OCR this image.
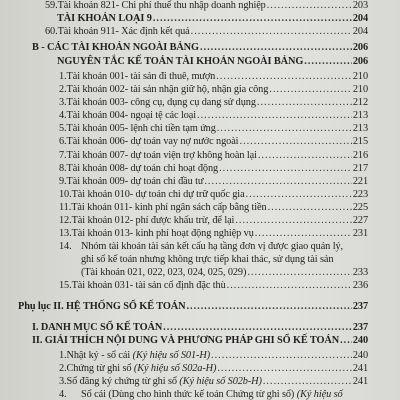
59. Tài khoản 821- Chi phí thuế thu nhập doanh nghiệp .....	203
TÀI KHOẢN LOẠI 9 .....	204
60. Tài khoản 911- Xác định kết quả .....	204
B - CÁC TÀI KHOẢN NGOÀI BẢNG .....	206
NGUYÊN TẮC KẾ TOÁN TÀI KHOẢN NGOÀI BẢNG .....	206
1. Tài khoản 001- tài sản đi thuê, mượn .....	210
2. Tài khoản 002- tài sản nhận giữ hộ, nhận gia công .....	210
3. Tài khoản 003- công cụ, dụng cụ dang sử dụng .....	212
4. Tài khoản 004- ngoại tệ các loại .....	213
5. Tài khoản 005- lệnh chi tiền tạm ứng .....	213
6. Tài khoản 006- dự toán vay nợ nước ngoài .....	215
7. Tài khoản 007- dự toán viện trợ không hoàn lại .....	216
8. Tài khoản 008- dự toán chi hoạt động .....	217
9. Tài khoản 009- dự toán chi đầu tư .....	221
10. Tài khoản 010- dự toán chi dự trữ quốc gia .....	223
11. Tài khoản 011- kinh phí ngân sách cấp bằng tiền .....	225
12. Tài khoản 012- phí được khấu trừ, để lại .....	227
13. Tài khoản 013- kinh phí hoạt động nghiệp vụ .....	231
14. Nhóm tài khoản tài sản kết cấu hạ tầng đơn vị được giao quản lý,
ghi số kế toán nhưng không trực tiếp khai thác, sử dụng tài sản
(Tài khoản 021, 022, 023, 024, 025, 029) .....	233
15. Tài khoản 031- tài sản cố định đặc thù .....	236
Phụ lục II. HỆ THỐNG SỔ KẾ TOÁN .....	237
I. DANH MỤC SỔ KẾ TOÁN .....	237
II. GIẢI THÍCH NỘI DUNG VÀ PHƯƠNG PHÁP GHI SỔ KẾ TOÁN ..... 240
1. Nhật ký - sổ cái (Ký hiệu số S01-H) .....	240
2. Chứng từ ghi sổ (Ký hiệu số S02a-H) .....	241
3. Sổ đăng ký chứng từ ghi sổ (Ký hiệu số S02b-H) .....	241
4. Sổ cái (Dùng cho hình thức kế toán Chứng từ ghi sổ) (Ký hiệu số
